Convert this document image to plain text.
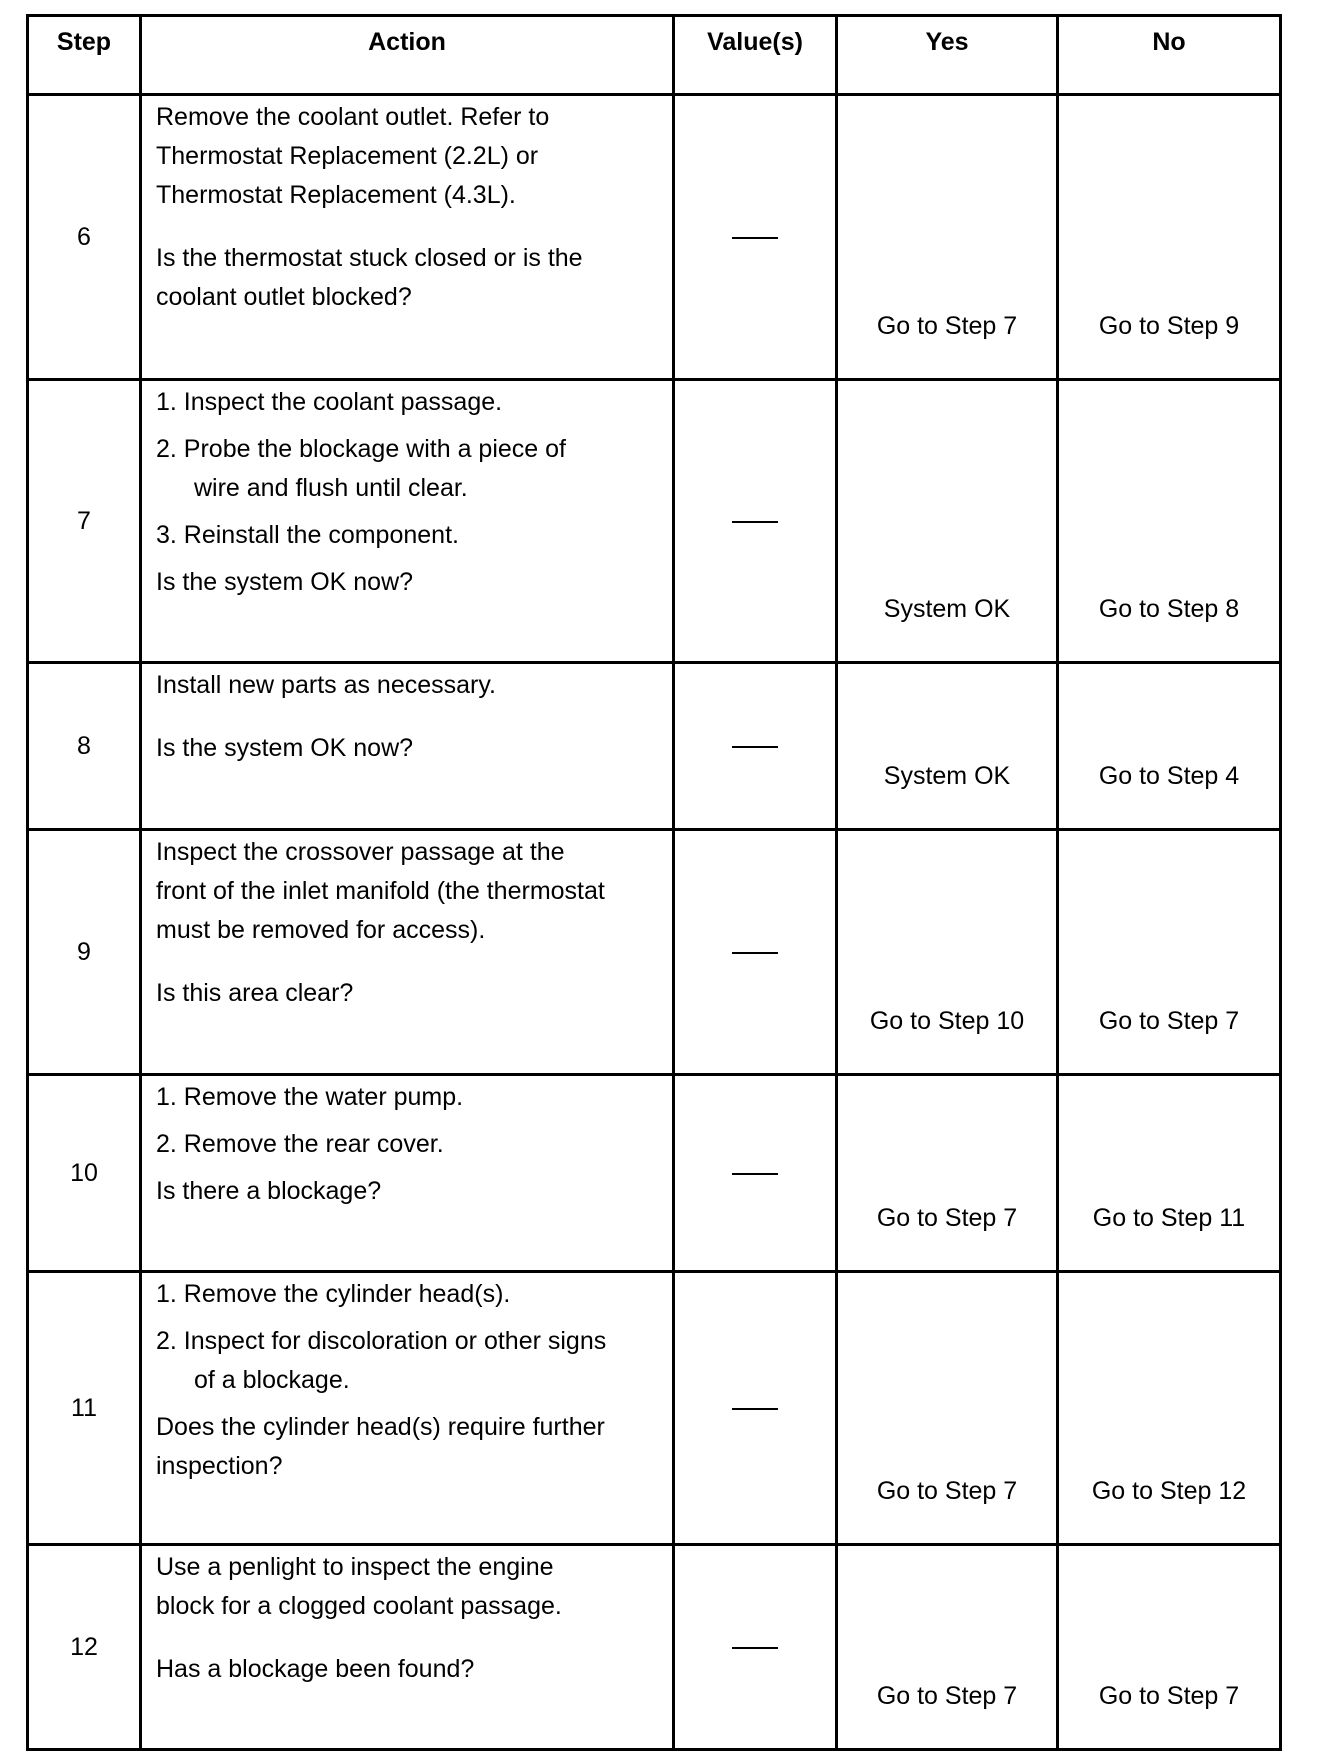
Step	Action	Value(s)	Yes	No
6	Remove the coolant outlet. Refer to
Thermostat Replacement (2.2L) or
Thermostat Replacement (4.3L).
Is the thermostat stuck closed or is the
coolant outlet blocked?		Go to Step 7	Go to Step 9
7	1. Inspect the coolant passage.
2. Probe the blockage with a piece of
wire and flush until clear.
3. Reinstall the component.
Is the system OK now?		System OK	Go to Step 8
8	Install new parts as necessary.
Is the system OK now?		System OK	Go to Step 4
9	Inspect the crossover passage at the
front of the inlet manifold (the thermostat
must be removed for access).
Is this area clear?		Go to Step 10	Go to Step 7
10	1. Remove the water pump.
2. Remove the rear cover.
Is there a blockage?		Go to Step 7	Go to Step 11
11	1. Remove the cylinder head(s).
2. Inspect for discoloration or other signs
of a blockage.
Does the cylinder head(s) require further
inspection?		Go to Step 7	Go to Step 12
12	Use a penlight to inspect the engine
block for a clogged coolant passage.
Has a blockage been found?		Go to Step 7	Go to Step 7
